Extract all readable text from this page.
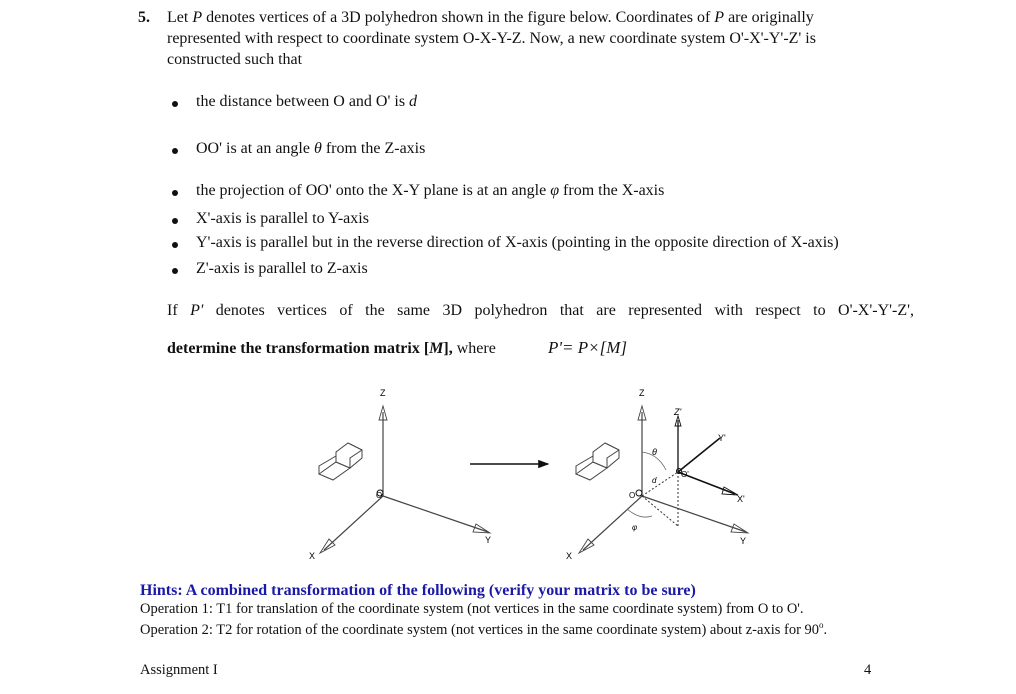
5. Let P denotes vertices of a 3D polyhedron shown in the figure below. Coordinates of P are originally
represented with respect to coordinate system O-X-Y-Z. Now, a new coordinate system O'-X'-Y'-Z' is
constructed such that
the distance between O and O' is d
OO' is at an angle θ from the Z-axis
the projection of OO' onto the X-Y plane is at an angle φ from the X-axis
X'-axis is parallel to Y-axis
Y'-axis is parallel but in the reverse direction of X-axis (pointing in the opposite direction of X-axis)
Z'-axis is parallel to Z-axis
If P' denotes vertices of the same 3D polyhedron that are represented with respect to O'-X'-Y'-Z',
determine the transformation matrix [M], where	P'= P×[M]
Z
Y
X
O
Z
Y
X
O
Z'
Y'
X'
O'
θ
d
φ
Hints: A combined transformation of the following (verify your matrix to be sure)
Operation 1: T1 for translation of the coordinate system (not vertices in the same coordinate system) from O to O'.
Operation 2: T2 for rotation of the coordinate system (not vertices in the same coordinate system) about z-axis for 90$^o$.
Assignment I	4
